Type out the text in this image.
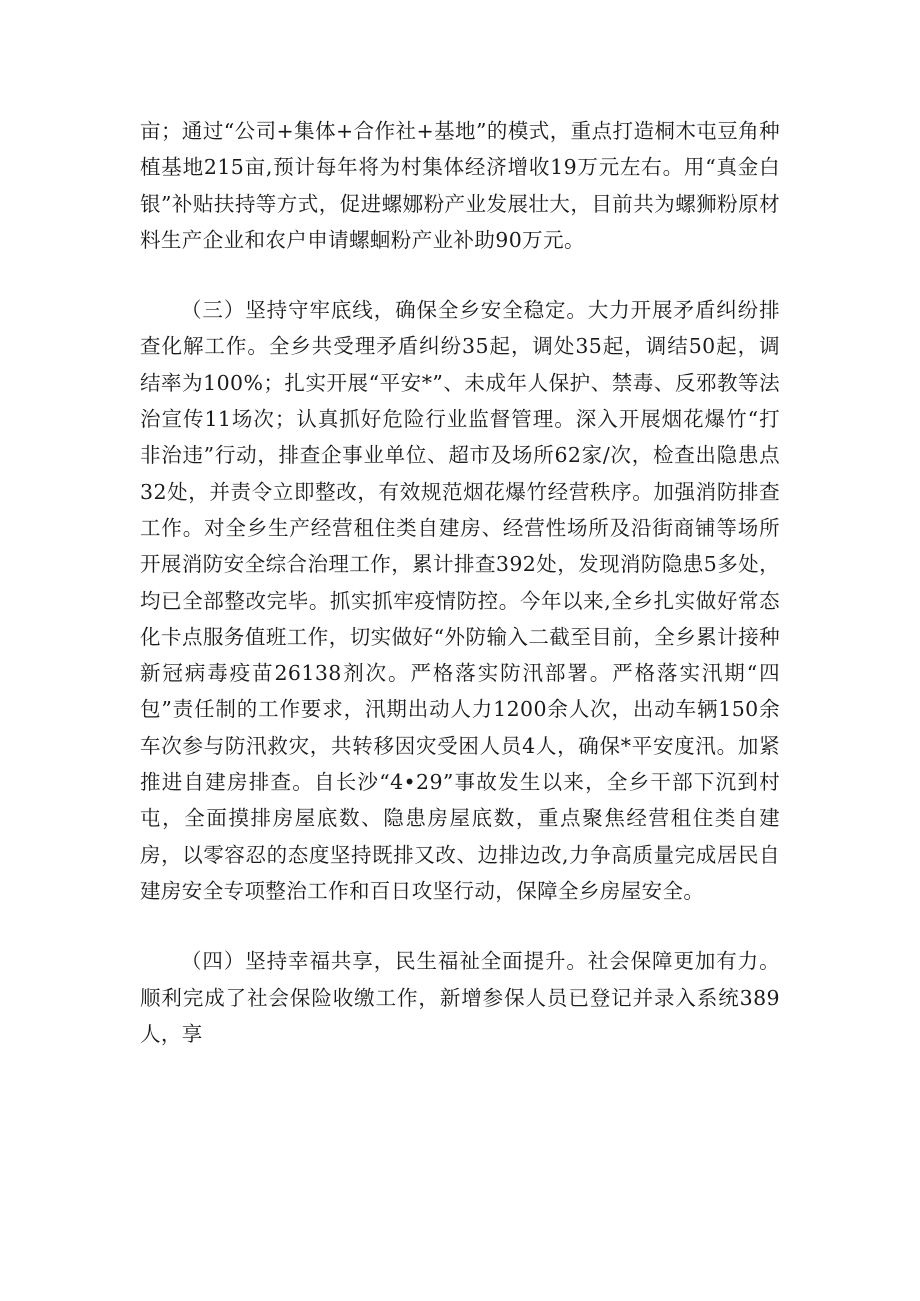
亩；通过“公司+集体+合作社+基地”的模式，重点打造桐木屯豆角种植基地215亩,预计每年将为村集体经济增收19万元左右。用“真金白银”补贴扶持等方式，促进螺娜粉产业发展壮大，目前共为螺狮粉原材料生产企业和农户申请螺蛔粉产业补助90万元。

（三）坚持守牢底线，确保全乡安全稳定。大力开展矛盾纠纷排查化解工作。全乡共受理矛盾纠纷35起，调处35起，调结50起，调结率为100%；扎实开展“平安*”、未成年人保护、禁毒、反邪教等法治宣传11场次；认真抓好危险行业监督管理。深入开展烟花爆竹“打非治违”行动，排查企事业单位、超市及场所62家/次，检查出隐患点32处，并责令立即整改，有效规范烟花爆竹经营秩序。加强消防排查工作。对全乡生产经营租住类自建房、经营性场所及沿街商铺等场所开展消防安全综合治理工作，累计排查392处，发现消防隐患5多处，均已全部整改完毕。抓实抓牢疫情防控。今年以来,全乡扎实做好常态化卡点服务值班工作，切实做好“外防输入二截至目前，全乡累计接种新冠病毒疫苗26138剂次。严格落实防汛部署。严格落实汛期“四包”责任制的工作要求，汛期出动人力1200余人次，出动车辆150余车次参与防汛救灾，共转移因灾受困人员4人，确保*平安度汛。加紧推进自建房排查。自长沙“4•29”事故发生以来，全乡干部下沉到村屯，全面摸排房屋底数、隐患房屋底数，重点聚焦经营租住类自建房，以零容忍的态度坚持既排又改、边排边改,力争高质量完成居民自建房安全专项整治工作和百日攻坚行动，保障全乡房屋安全。

（四）坚持幸福共享，民生福祉全面提升。社会保障更加有力。顺利完成了社会保险收缴工作，新增参保人员已登记并录入系统389人，享
